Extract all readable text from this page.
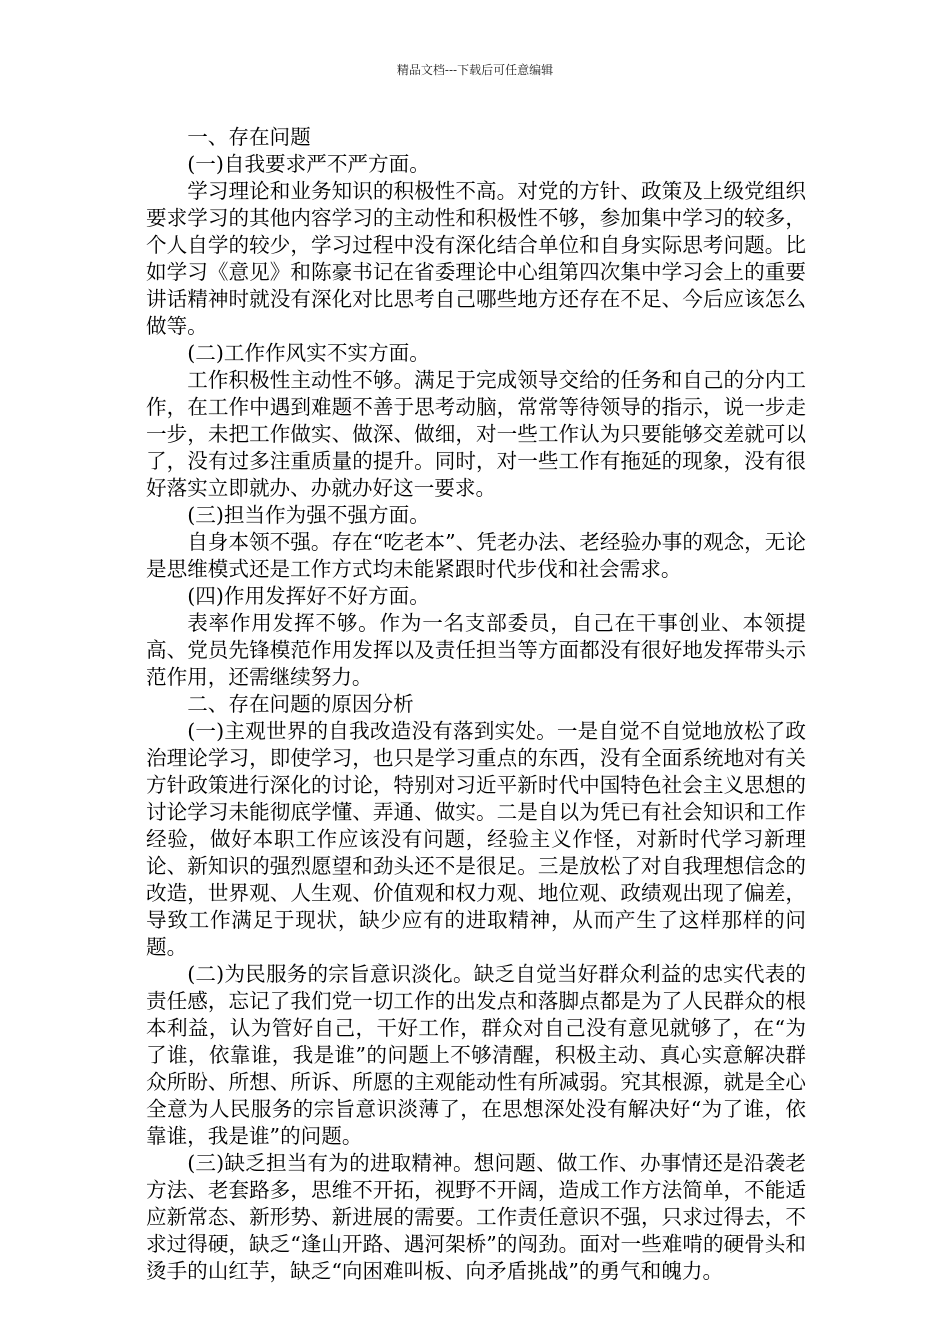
精品文档---下载后可任意编辑

一、存在问题

(一)自我要求严不严方面。

学习理论和业务知识的积极性不高。对党的方针、政策及上级党组织要求学习的其他内容学习的主动性和积极性不够，参加集中学习的较多，个人自学的较少，学习过程中没有深化结合单位和自身实际思考问题。比如学习《意见》和陈豪书记在省委理论中心组第四次集中学习会上的重要讲话精神时就没有深化对比思考自己哪些地方还存在不足、今后应该怎么做等。

(二)工作作风实不实方面。

工作积极性主动性不够。满足于完成领导交给的任务和自己的分内工作，在工作中遇到难题不善于思考动脑，常常等待领导的指示，说一步走一步，未把工作做实、做深、做细，对一些工作认为只要能够交差就可以了，没有过多注重质量的提升。同时，对一些工作有拖延的现象，没有很好落实立即就办、办就办好这一要求。

(三)担当作为强不强方面。

自身本领不强。存在“吃老本”、凭老办法、老经验办事的观念，无论是思维模式还是工作方式均未能紧跟时代步伐和社会需求。

(四)作用发挥好不好方面。

表率作用发挥不够。作为一名支部委员，自己在干事创业、本领提高、党员先锋模范作用发挥以及责任担当等方面都没有很好地发挥带头示范作用，还需继续努力。

二、存在问题的原因分析

(一)主观世界的自我改造没有落到实处。一是自觉不自觉地放松了政治理论学习，即使学习，也只是学习重点的东西，没有全面系统地对有关方针政策进行深化的讨论，特别对习近平新时代中国特色社会主义思想的讨论学习未能彻底学懂、弄通、做实。二是自以为凭已有社会知识和工作经验，做好本职工作应该没有问题，经验主义作怪，对新时代学习新理论、新知识的强烈愿望和劲头还不是很足。三是放松了对自我理想信念的改造，世界观、人生观、价值观和权力观、地位观、政绩观出现了偏差，导致工作满足于现状，缺少应有的进取精神，从而产生了这样那样的问题。

(二)为民服务的宗旨意识淡化。缺乏自觉当好群众利益的忠实代表的责任感，忘记了我们党一切工作的出发点和落脚点都是为了人民群众的根本利益，认为管好自己，干好工作，群众对自己没有意见就够了，在“为了谁，依靠谁，我是谁”的问题上不够清醒，积极主动、真心实意解决群众所盼、所想、所诉、所愿的主观能动性有所减弱。究其根源，就是全心全意为人民服务的宗旨意识淡薄了，在思想深处没有解决好“为了谁，依靠谁，我是谁”的问题。

(三)缺乏担当有为的进取精神。想问题、做工作、办事情还是沿袭老方法、老套路多，思维不开拓，视野不开阔，造成工作方法简单，不能适应新常态、新形势、新进展的需要。工作责任意识不强，只求过得去，不求过得硬，缺乏“逢山开路、遇河架桥”的闯劲。面对一些难啃的硬骨头和烫手的山红芋，缺乏“向困难叫板、向矛盾挑战”的勇气和魄力。
